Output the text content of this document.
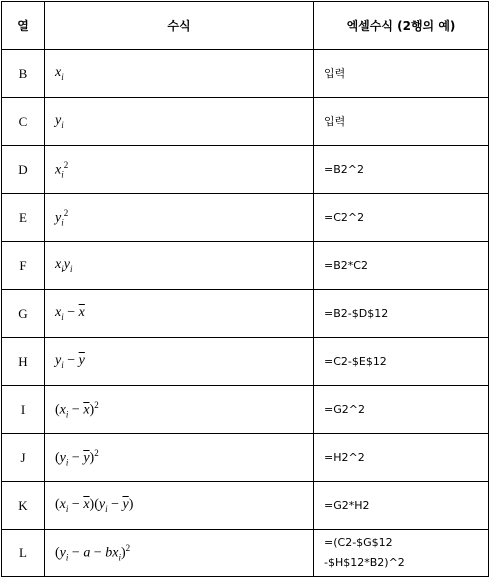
열	수식	엑셀수식 (2행의 예)
B	$x_i$	입력
C	$y_i$	입력
D	$x_i^2$	=B2^2
E	$y_i^2$	=C2^2
F	$x_iy_i$	=B2*C2
G	$x_i - \overline{x}$	=B2-$D$12
H	$y_i - \overline{y}$	=C2-$E$12
I	$(x_i - \overline{x})^2$	=G2^2
J	$(y_i - \overline{y})^2$	=H2^2
K	$(x_i - \overline{x})(y_i - \overline{y})$	=G2*H2
L	$(y_i - a - bx_i)^2$	=(C2-$G$12
-$H$12*B2)^2
